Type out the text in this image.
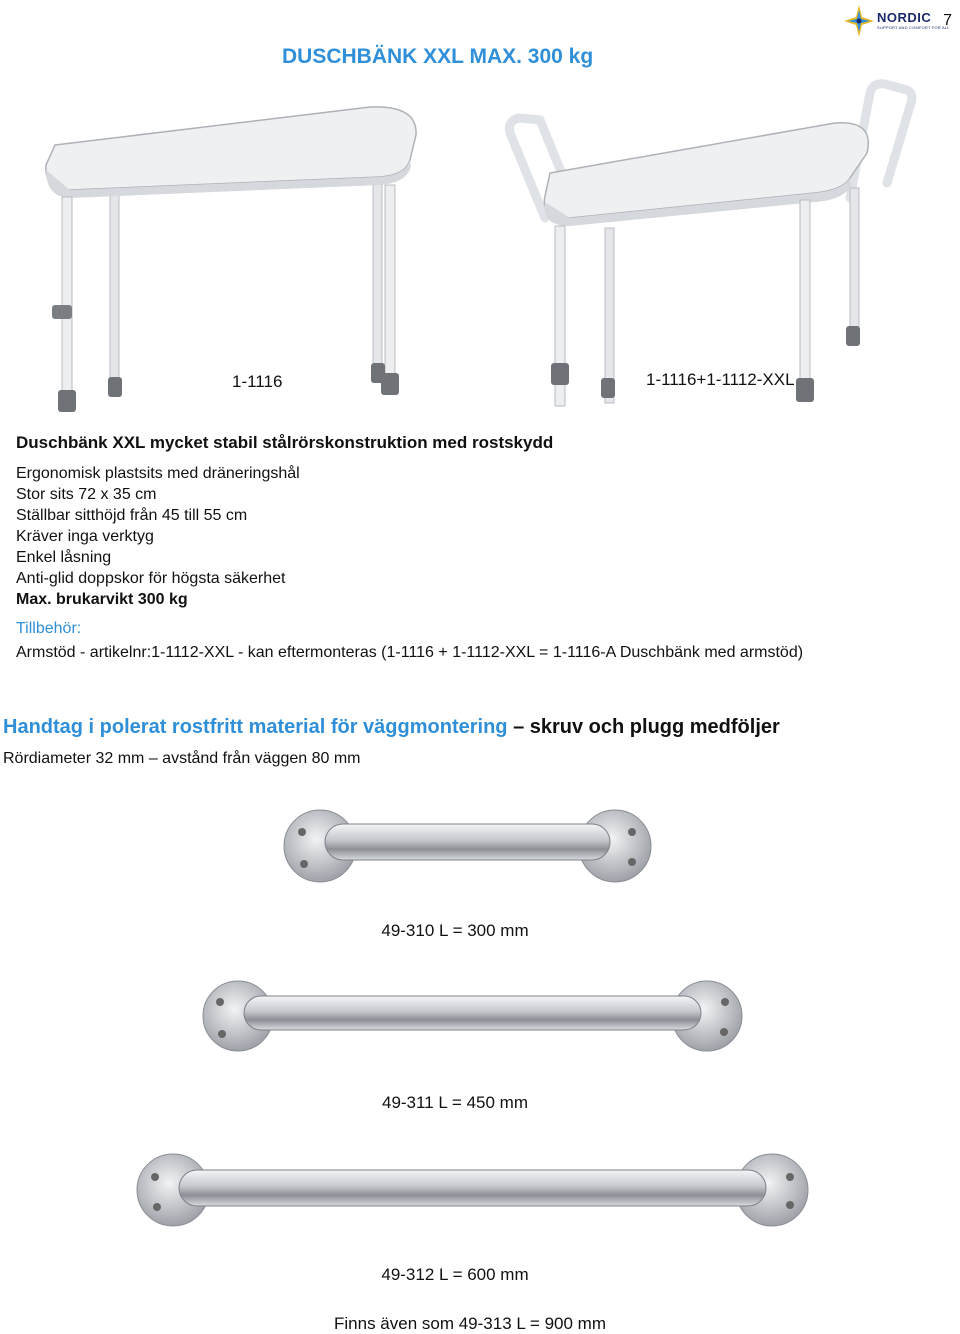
7
NORDIC
SUPPORT AND COMFORT FOR ALL
DUSCHBÄNK XXL MAX. 300 kg
1-1116	1-1116+1-1112-XXL
Duschbänk XXL mycket stabil stålrörskonstruktion med rostskydd
Ergonomisk plastsits med dräneringshål
Stor sits 72 x 35 cm
Ställbar sitthöjd från 45 till 55 cm
Kräver inga verktyg
Enkel låsning
Anti-glid doppskor för högsta säkerhet
Max. brukarvikt 300 kg
Tillbehör:
Armstöd - artikelnr:1-1112-XXL - kan eftermonteras (1-1116 + 1-1112-XXL = 1-1116-A Duschbänk med armstöd)
Handtag i polerat rostfritt material för väggmontering – skruv och plugg medföljer
Rördiameter 32 mm – avstånd från väggen 80 mm
49-310 L = 300 mm
49-311 L = 450 mm
49-312 L = 600 mm
Finns även som 49-313 L = 900 mm
